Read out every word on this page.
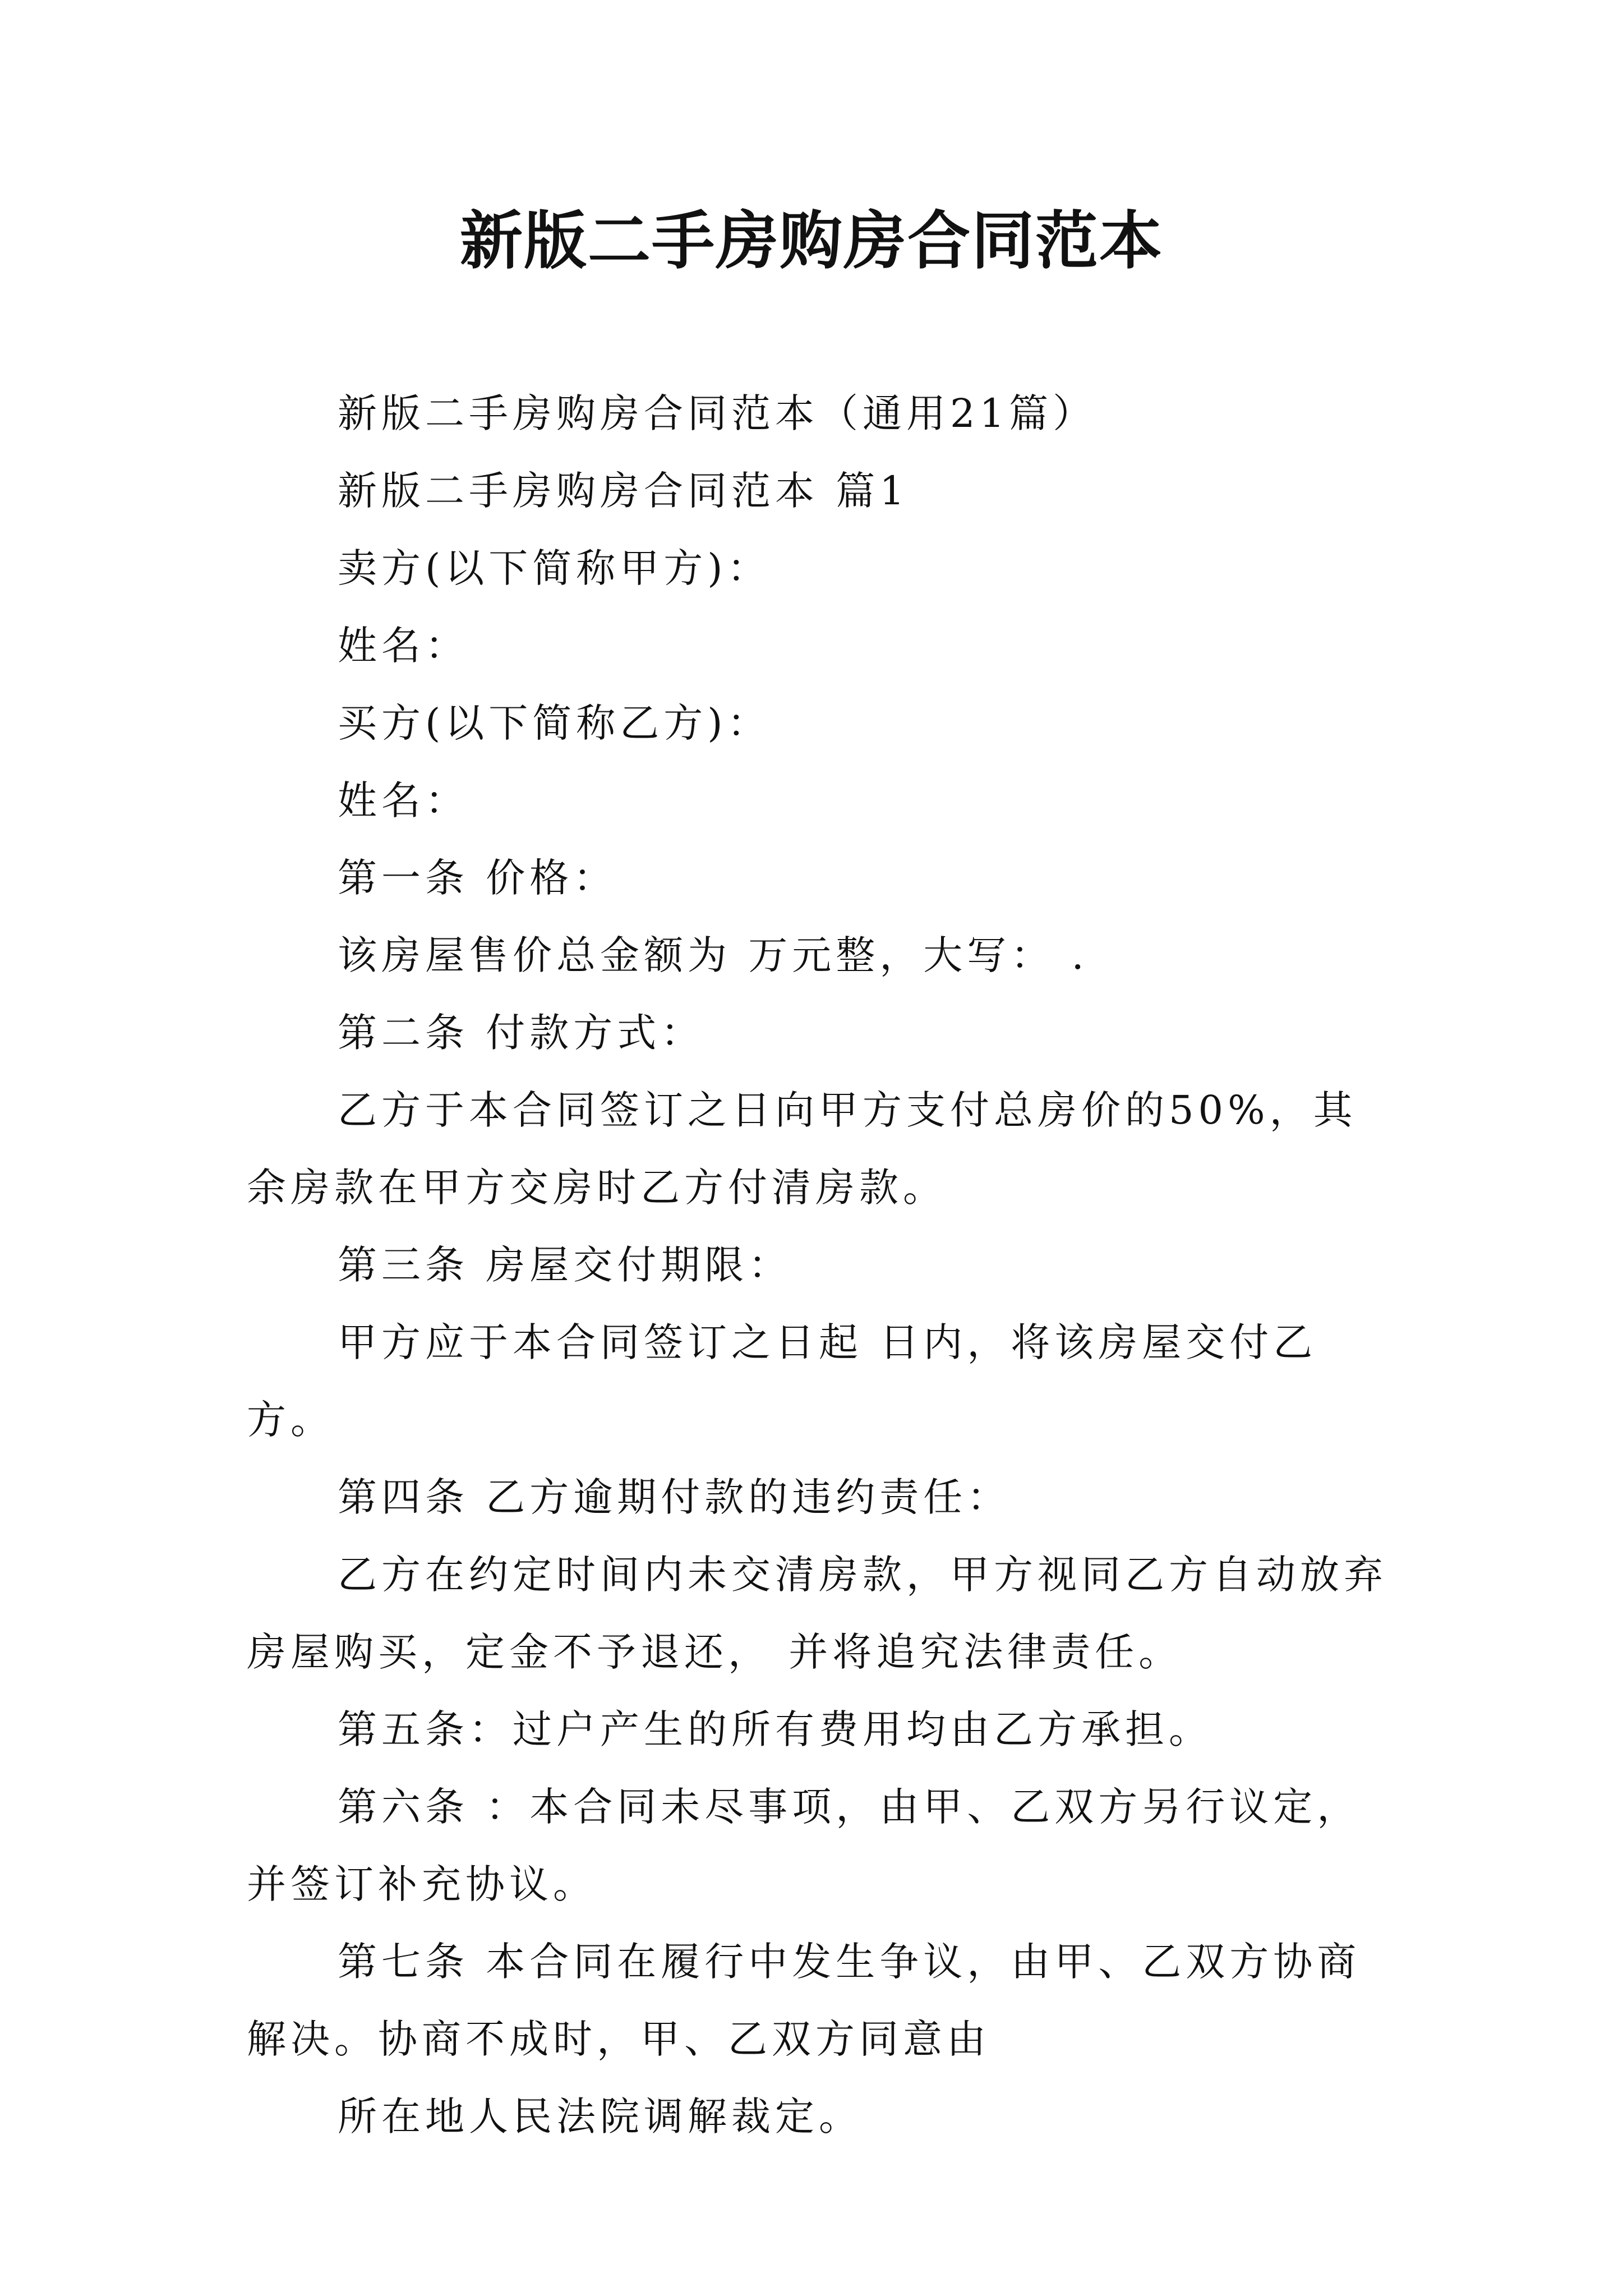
新版二手房购房合同范本

新版二手房购房合同范本（通用21篇）

新版二手房购房合同范本 篇1

卖方(以下简称甲方)：

姓名：

买方(以下简称乙方)：

姓名：

第一条 价格：

该房屋售价总金额为 万元整，大写： .

第二条 付款方式：

乙方于本合同签订之日向甲方支付总房价的50%，其余房款在甲方交房时乙方付清房款。

第三条 房屋交付期限：

甲方应于本合同签订之日起 日内，将该房屋交付乙方。

第四条 乙方逾期付款的违约责任：

乙方在约定时间内未交清房款，甲方视同乙方自动放弃房屋购买，定金不予退还， 并将追究法律责任。

第五条：过户产生的所有费用均由乙方承担。

第六条 ：本合同未尽事项，由甲、乙双方另行议定，并签订补充协议。

第七条 本合同在履行中发生争议，由甲、乙双方协商解决。协商不成时，甲、乙双方同意由

所在地人民法院调解裁定。
